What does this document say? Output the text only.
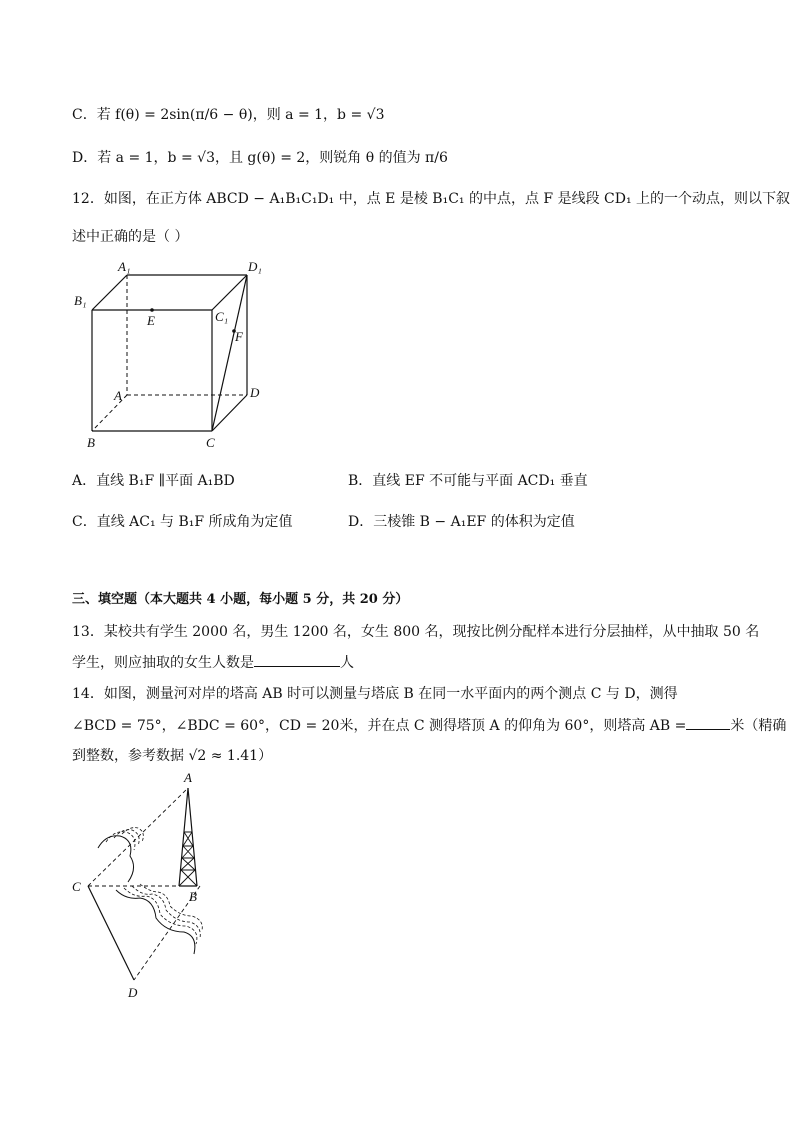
C．若 f(θ) = 2sin(π/6 − θ)，则 a = 1，b = √3
D．若 a = 1，b = √3，且 g(θ) = 2，则锐角 θ 的值为 π/6
12．如图，在正方体 ABCD − A₁B₁C₁D₁ 中，点 E 是棱 B₁C₁ 的中点，点 F 是线段 CD₁ 上的一个动点，则以下叙
述中正确的是（ ）
A₁	D₁
B₁
C₁
E
F
A	D
B	C
A．直线 B₁F ∥平面 A₁BD	B．直线 EF 不可能与平面 ACD₁ 垂直
C．直线 AC₁ 与 B₁F 所成角为定值	D．三棱锥 B − A₁EF 的体积为定值
三、填空题（本大题共 4 小题，每小题 5 分，共 20 分）
13．某校共有学生 2000 名，男生 1200 名，女生 800 名，现按比例分配样本进行分层抽样，从中抽取 50 名
学生，则应抽取的女生人数是	人
14．如图，测量河对岸的塔高 AB 时可以测量与塔底 B 在同一水平面内的两个测点 C 与 D，测得
∠BCD = 75°，∠BDC = 60°，CD = 20米，并在点 C 测得塔顶 A 的仰角为 60°，则塔高 AB =	米（精确
到整数，参考数据 √2 ≈ 1.41）
A
B
C
D
